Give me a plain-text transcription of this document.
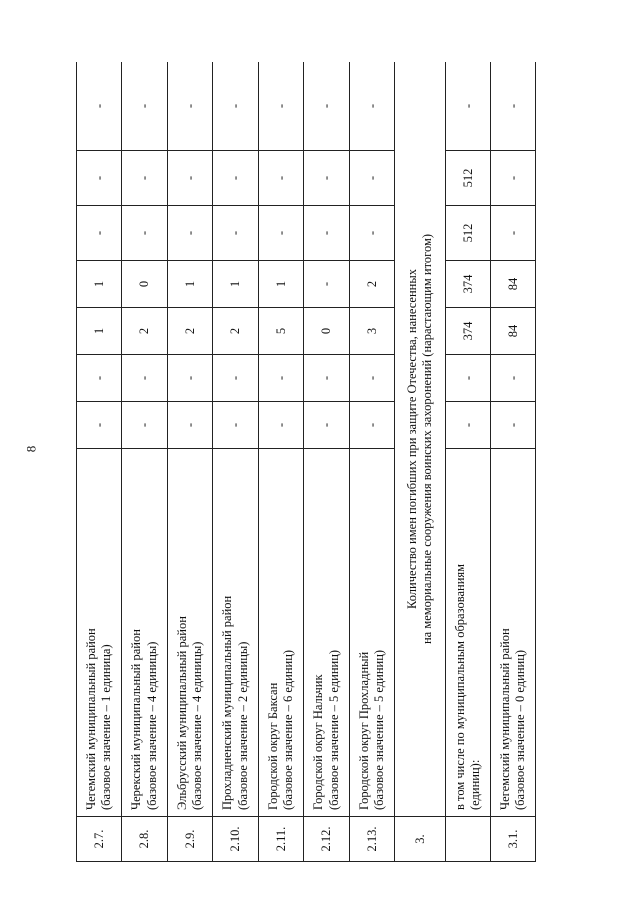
8
2.7.	Чегемский муниципальный район (базовое значение – 1 единица)	-	-	1	1	-	-	-
2.8.	Черекский муниципальный район (базовое значение – 4 единицы)	-	-	2	0	-	-	-
2.9.	Эльбрусский муниципальный район (базовое значение – 4 единицы)	-	-	2	1	-	-	-
2.10.	Прохладненский муниципальный район (базовое значение – 2 единицы)	-	-	2	1	-	-	-
2.11.	Городской округ Баксан (базовое значение – 6 единиц)	-	-	5	1	-	-	-
2.12.	Городской округ Нальчик (базовое значение – 5 единиц)	-	-	0	-	-	-	-
2.13.	Городской округ Прохладный (базовое значение – 5 единиц)	-	-	3	2	-	-	-
3.	Количество имен погибших при защите Отечества, нанесенных на мемориальные сооружения воинских захоронений (нарастающим итогом)							

	в том числе по муниципальным образованиям (единиц):	-	-	374	374	512	512	-
3.1.	Чегемский муниципальный район (базовое значение – 0 единиц)	-	-	84	84	-	-	-
